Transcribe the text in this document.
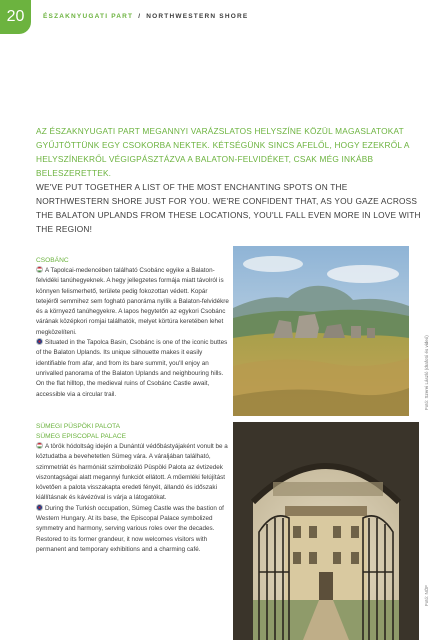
20	ÉSZAKNYUGATI PART / NORTHWESTERN SHORE

AZ ÉSZAKNYUGATI PART MEGANNYI VARÁZSLATOS HELYSZÍNE KÖZÜL MAGASLATOKAT GYŰJTÖTTÜNK EGY CSOKORBA NEKTEK. KÉTSÉGÜNK SINCS AFELŐL, HOGY EZEKRŐL A HELYSZÍNEKRŐL VÉGIGPÁSZTÁZVA A BALATON-FELVIDÉKET, CSAK MÉG INKÁBB BELESZERETTEK.

WE'VE PUT TOGETHER A LIST OF THE MOST ENCHANTING SPOTS ON THE NORTHWESTERN SHORE JUST FOR YOU. WE'RE CONFIDENT THAT, AS YOU GAZE ACROSS THE BALATON UPLANDS FROM THESE LOCATIONS, YOU'LL FALL EVEN MORE IN LOVE WITH THE REGION!

CSOBÁNC

A Tapolcai-medencében található Csobánc egyike a Balaton-felvidéki tanúhegyeknek. A hegy jellegzetes formája miatt távolról is könnyen felismerhető, területe pedig fokozottan védett. Kopár tetejéről semmihez sem fogható panoráma nyílik a Balaton-felvidékre és a környező tanúhegyekre. A lapos hegytetőn az egykori Csobánc várának középkori romjai találhatók, melyet körtúra keretében lehet megközelíteni.

Situated in the Tapolca Basin, Csobánc is one of the iconic buttes of the Balaton Uplands. Its unique silhouette makes it easily identifiable from afar, and from its bare summit, you'll enjoy an unrivalled panorama of the Balaton Uplands and neighbouring hills. On the flat hilltop, the medieval ruins of Csobánc Castle await, accessible via a circular trail.	Fotó: Szerei László (drafotó és videó)

SÜMEGI PÜSPÖKI PALOTA

SÜMEG EPISCOPAL PALACE

A török hódoltság idején a Dunántúl védőbástyájaként vonult be a köztudatba a bevehetetlen Sümeg vára. A váraljában található, szimmetriát és harmóniát szimbolizáló Püspöki Palota az évtizedek viszontagságai alatt megannyi funkciót ellátott. A műemléki felújítást követően a palota visszakapta eredeti fényét, állandó és időszaki kiállításnak és kávézóval is várja a látogatókat.

During the Turkish occupation, Sümeg Castle was the bastion of Western Hungary. At its base, the Episcopal Palace symbolized symmetry and harmony, serving various roles over the decades. Restored to its former grandeur, it now welcomes visitors with permanent and temporary exhibitions and a charming café.

Fotó: NÖF
